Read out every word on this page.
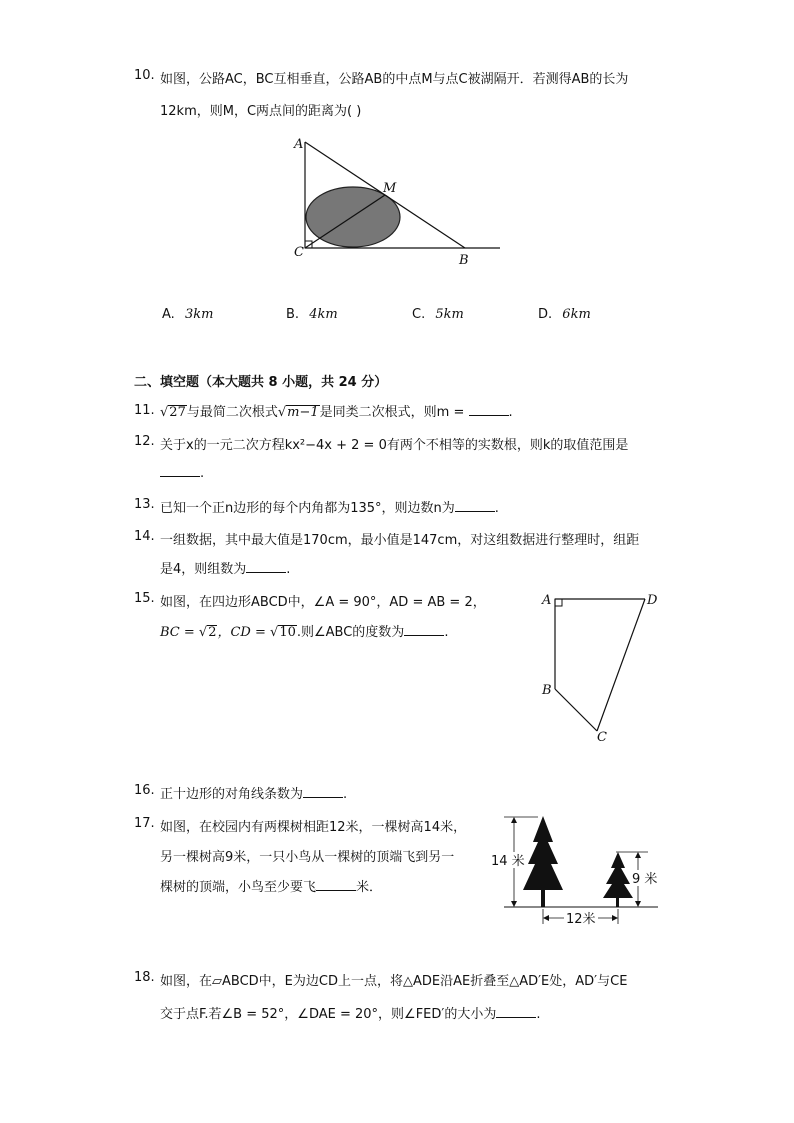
10. 如图，公路AC，BC互相垂直，公路AB的中点M与点C被湖隔开．若测得AB的长为
12km，则M，C两点间的距离为( )
A
M
C
B
A. 3km	B. 4km	C. 5km	D. 6km
二、填空题（本大题共 8 小题，共 24 分）
11. √27与最简二次根式√m−1是同类二次根式，则m =	.
12. 关于x的一元二次方程kx²−4x + 2 = 0有两个不相等的实数根，则k的取值范围是
.
13. 已知一个正n边形的每个内角都为135°，则边数n为	.
14. 一组数据，其中最大值是170cm，最小值是147cm，对这组数据进行整理时，组距
是4，则组数为	.
15. 如图，在四边形ABCD中，∠A = 90°，AD = AB = 2，
BC = √2，CD = √10.则∠ABC的度数为	.
A	D
B
C
16. 正十边形的对角线条数为	.
17. 如图，在校园内有两棵树相距12米，一棵树高14米，
另一棵树高9米，一只小鸟从一棵树的顶端飞到另一
棵树的顶端，小鸟至少要飞	米．
14 米
9 米
12米
18. 如图，在▱ABCD中，E为边CD上一点，将△ADE沿AE折叠至△AD′E处，AD′与CE
交于点F.若∠B = 52°，∠DAE = 20°，则∠FED′的大小为	.
